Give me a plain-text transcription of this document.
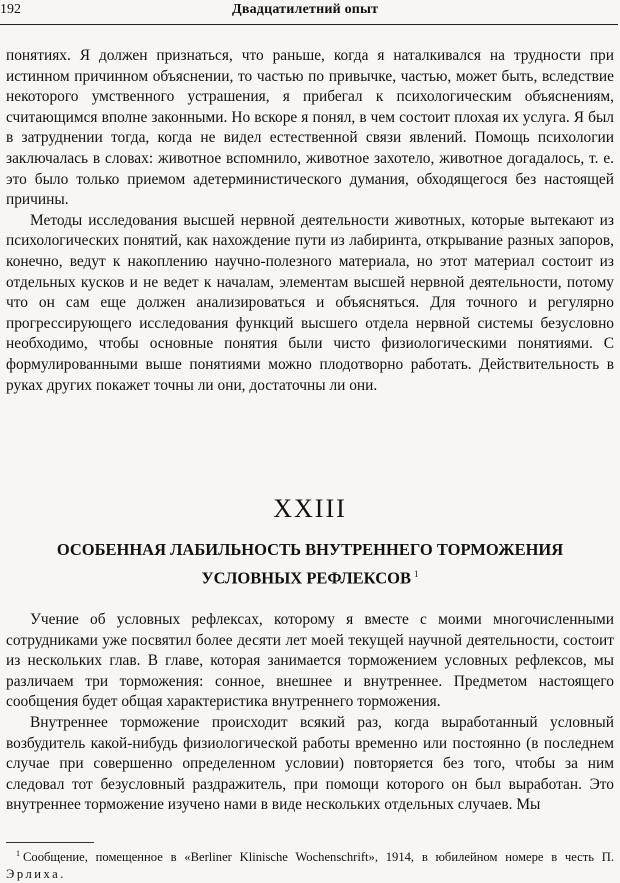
192	Двадцатилетний опыт

понятиях. Я должен признаться, что раньше, когда я наталкивался на трудности при истинном причинном объяснении, то частью по привычке, частью, может быть, вследствие некоторого умственного устрашения, я прибегал к психологическим объяснениям, считающимся вполне законными. Но вскоре я понял, в чем состоит плохая их услуга. Я был в затруднении тогда, когда не видел естественной связи явлений. Помощь психологии заключалась в словах: животное вспомнило, животное захотело, животное догадалось, т. е. это было только приемом адетерминистического думания, обходящегося без настоящей причины.

Методы исследования высшей нервной деятельности животных, которые вытекают из психологических понятий, как нахождение пути из лабиринта, открывание разных запоров, конечно, ведут к накоплению научно-полезного материала, но этот материал состоит из отдельных кусков и не ведет к началам, элементам высшей нервной деятельности, потому что он сам еще должен анализироваться и объясняться. Для точного и регулярно прогрессирующего исследования функций высшего отдела нервной системы безусловно необходимо, чтобы основные понятия были чисто физиологическими понятиями. С формулированными выше понятиями можно плодотворно работать. Действительность в руках других покажет точны ли они, достаточны ли они.

XXIII
ОСОБЕННАЯ ЛАБИЛЬНОСТЬ ВНУТРЕННЕГО ТОРМОЖЕНИЯ
УСЛОВНЫХ РЕФЛЕКСОВ $^1$

Учение об условных рефлексах, которому я вместе с моими многочисленными сотрудниками уже посвятил более десяти лет моей текущей научной деятельности, состоит из нескольких глав. В главе, которая занимается торможением условных рефлексов, мы различаем три торможения: сонное, внешнее и внутреннее. Предметом настоящего сообщения будет общая характеристика внутреннего торможения.

Внутреннее торможение происходит всякий раз, когда выработанный условный возбудитель какой-нибудь физиологической работы временно или постоянно (в последнем случае при совершенно определенном условии) повторяется без того, чтобы за ним следовал тот безусловный раздражитель, при помощи которого он был выработан. Это внутреннее торможение изучено нами в виде нескольких отдельных случаев. Мы

$^1$ Сообщение, помещенное в «Berliner Klinische Wochenschrift», 1914, в юбилейном номере в честь П. Эрлиха.
